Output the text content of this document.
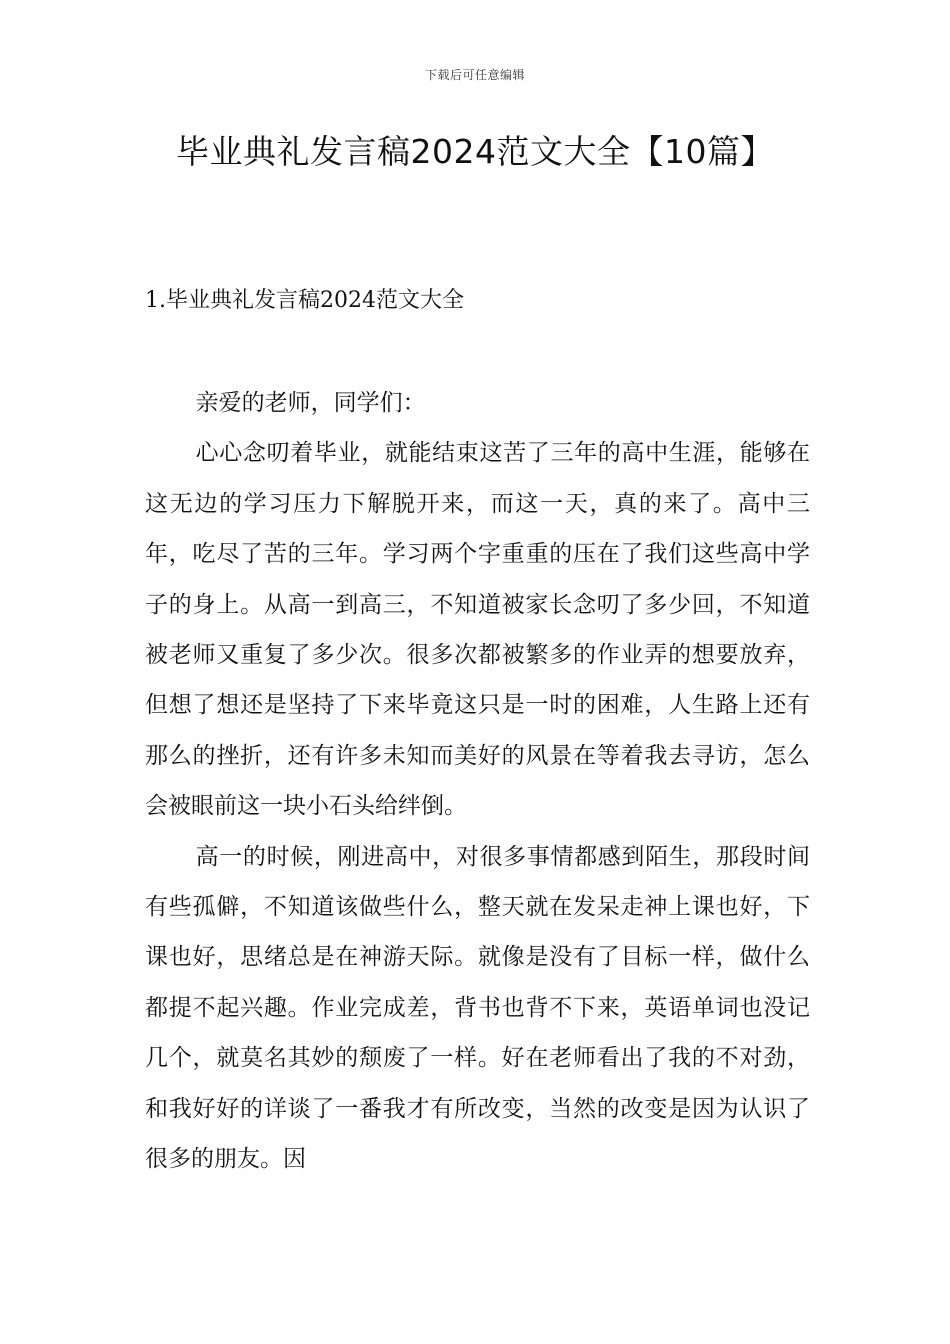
下载后可任意编辑
毕业典礼发言稿2024范文大全【10篇】
1.毕业典礼发言稿2024范文大全

亲爱的老师，同学们：

心心念叨着毕业，就能结束这苦了三年的高中生涯，能够在这无边的学习压力下解脱开来，而这一天，真的来了。高中三年，吃尽了苦的三年。学习两个字重重的压在了我们这些高中学子的身上。从高一到高三，不知道被家长念叨了多少回，不知道被老师又重复了多少次。很多次都被繁多的作业弄的想要放弃，但想了想还是坚持了下来毕竟这只是一时的困难，人生路上还有那么的挫折，还有许多未知而美好的风景在等着我去寻访，怎么会被眼前这一块小石头给绊倒。

高一的时候，刚进高中，对很多事情都感到陌生，那段时间有些孤僻，不知道该做些什么，整天就在发呆走神上课也好，下课也好，思绪总是在神游天际。就像是没有了目标一样，做什么都提不起兴趣。作业完成差，背书也背不下来，英语单词也没记几个，就莫名其妙的颓废了一样。好在老师看出了我的不对劲，和我好好的详谈了一番我才有所改变，当然的改变是因为认识了很多的朋友。因
